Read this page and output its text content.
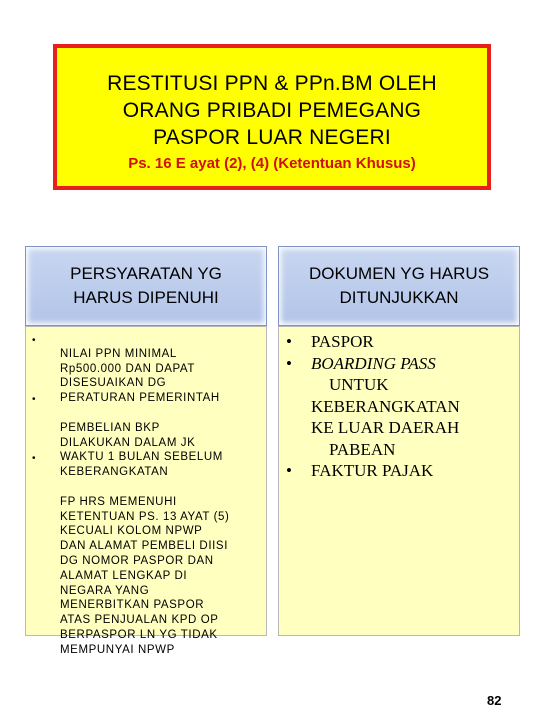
RESTITUSI PPN & PPn.BM OLEH
ORANG PRIBADI PEMEGANG
PASPOR LUAR NEGERI
Ps. 16 E ayat (2), (4) (Ketentuan Khusus)
PERSYARATAN YG
HARUS DIPENUHI
DOKUMEN YG HARUS
DITUNJUKKAN
•
•
•

NILAI PPN MINIMAL
Rp500.000 DAN DAPAT
DISESUAIKAN DG
PERATURAN PEMERINTAH

PEMBELIAN BKP
DILAKUKAN DALAM JK
WAKTU 1 BULAN SEBELUM
KEBERANGKATAN

FP HRS MEMENUHI
KETENTUAN PS. 13 AYAT (5)
KECUALI KOLOM NPWP
DAN ALAMAT PEMBELI DIISI
DG NOMOR PASPOR DAN
ALAMAT LENGKAP DI
NEGARA YANG
MENERBITKAN PASPOR
ATAS PENJUALAN KPD OP
BERPASPOR LN YG TIDAK
MEMPUNYAI NPWP

• PASPOR
• BOARDING PASS
UNTUK
KEBERANGKATAN
KE LUAR DAERAH
PABEAN
• FAKTUR PAJAK
82
